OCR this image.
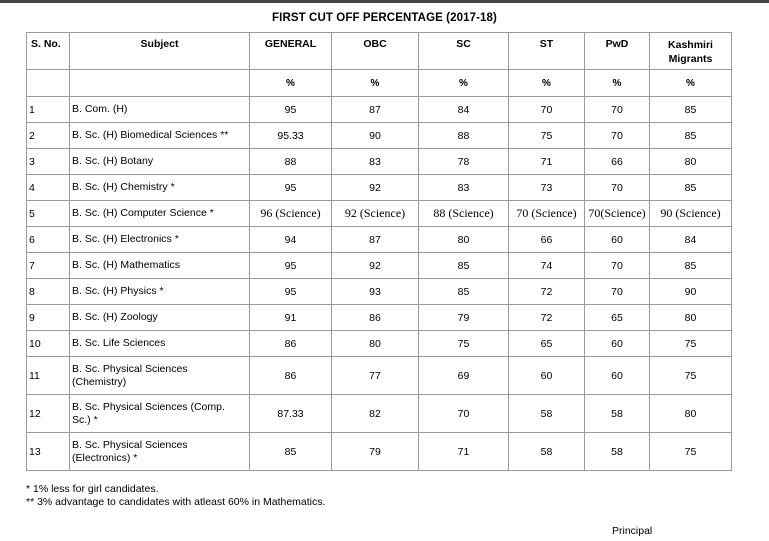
FIRST CUT OFF PERCENTAGE (2017-18)
S. No.	Subject	GENERAL	OBC	SC	ST	PwD	Kashmiri
Migrants
		%	%	%	%	%	%
1	B. Com. (H)	95	87	84	70	70	85
2	B. Sc. (H) Biomedical Sciences **	95.33	90	88	75	70	85
3	B. Sc. (H) Botany	88	83	78	71	66	80
4	B. Sc. (H) Chemistry *	95	92	83	73	70	85
5	B. Sc. (H) Computer Science *	96 (Science)	92 (Science)	88 (Science)	70 (Science)	70(Science)	90 (Science)
6	B. Sc. (H) Electronics *	94	87	80	66	60	84
7	B. Sc. (H) Mathematics	95	92	85	74	70	85
8	B. Sc. (H) Physics *	95	93	85	72	70	90
9	B. Sc. (H) Zoology	91	86	79	72	65	80
10	B. Sc. Life Sciences	86	80	75	65	60	75
11	B. Sc. Physical Sciences
(Chemistry)	86	77	69	60	60	75
12	B. Sc. Physical Sciences (Comp.
Sc.) *	87.33	82	70	58	58	80
13	B. Sc. Physical Sciences
(Electronics) *	85	79	71	58	58	75
* 1% less for girl candidates.
** 3% advantage to candidates with atleast 60% in Mathematics.
Principal
